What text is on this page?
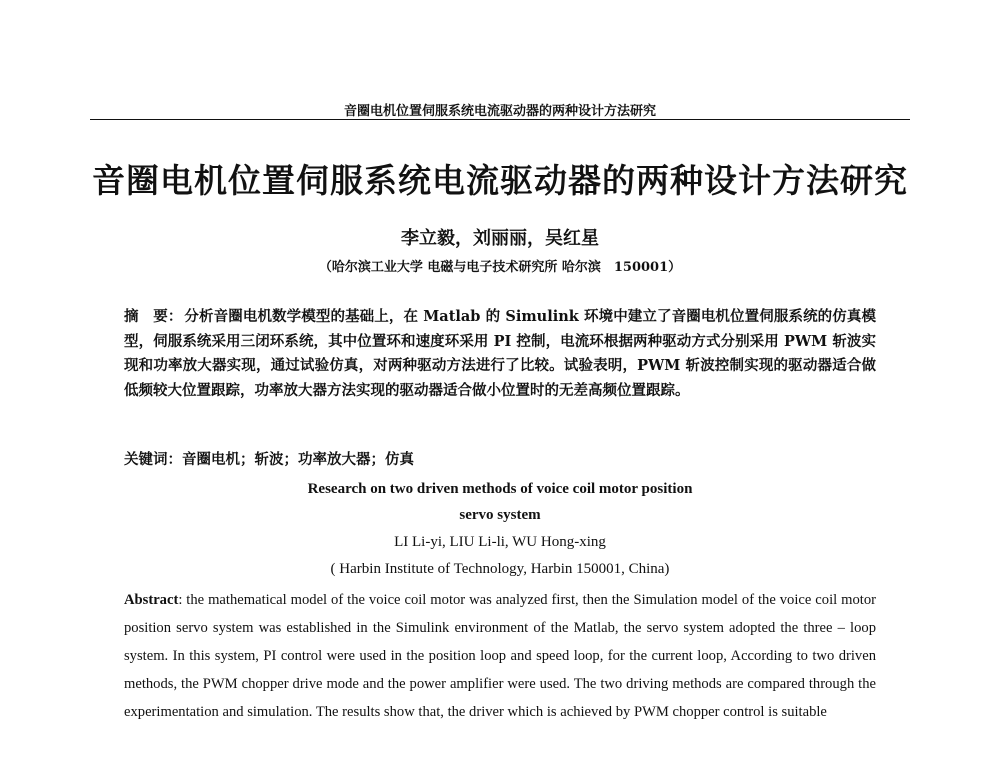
音圈电机位置伺服系统电流驱动器的两种设计方法研究
音圈电机位置伺服系统电流驱动器的两种设计方法研究
李立毅，刘丽丽，吴红星
（哈尔滨工业大学 电磁与电子技术研究所 哈尔滨　150001）
摘　要： 分析音圈电机数学模型的基础上，在 Matlab 的 Simulink 环境中建立了音圈电机位置伺服系统的仿真模型，伺服系统采用三闭环系统，其中位置环和速度环采用 PI 控制，电流环根据两种驱动方式分别采用 PWM 斩波实现和功率放大器实现，通过试验仿真，对两种驱动方法进行了比较。试验表明，PWM 斩波控制实现的驱动器适合做低频较大位置跟踪，功率放大器方法实现的驱动器适合做小位置时的无差高频位置跟踪。
关键词：音圈电机；斩波；功率放大器；仿真
Research on two driven methods of voice coil motor position
servo system
LI Li-yi, LIU Li-li, WU Hong-xing
( Harbin Institute of Technology, Harbin 150001, China)
Abstract: the mathematical model of the voice coil motor was analyzed first, then the Simulation model of the voice coil motor position servo system was established in the Simulink environment of the Matlab, the servo system adopted the three – loop system. In this system, PI control were used in the position loop and speed loop, for the current loop, According to two driven methods, the PWM chopper drive mode and the power amplifier were used. The two driving methods are compared through the experimentation and simulation. The results show that, the driver which is achieved by PWM chopper control is suitable
